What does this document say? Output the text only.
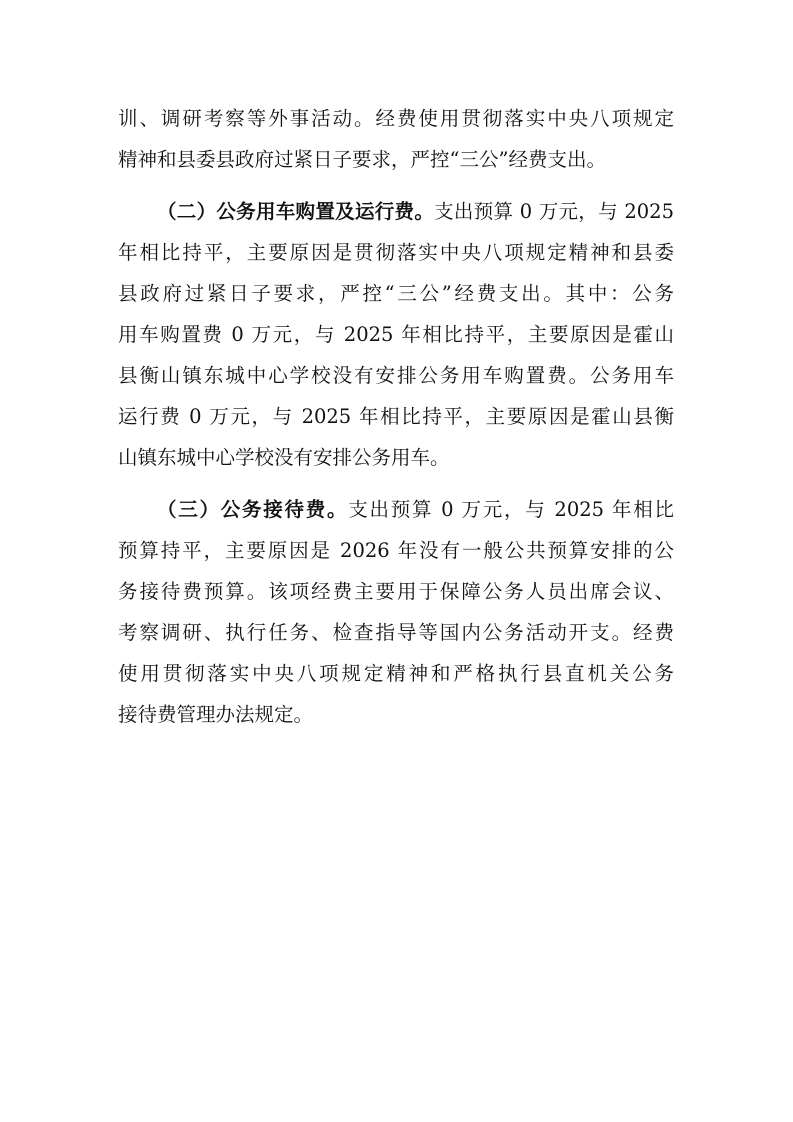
训、调研考察等外事活动。经费使用贯彻落实中央八项规定
精神和县委县政府过紧日子要求，严控“三公”经费支出。
（二）公务用车购置及运行费。支出预算 0 万元，与 2025
年相比持平，主要原因是贯彻落实中央八项规定精神和县委
县政府过紧日子要求，严控“三公”经费支出。其中：公务
用车购置费 0 万元，与 2025 年相比持平，主要原因是霍山
县衡山镇东城中心学校没有安排公务用车购置费。公务用车
运行费 0 万元，与 2025 年相比持平，主要原因是霍山县衡
山镇东城中心学校没有安排公务用车。
（三）公务接待费。支出预算 0 万元，与 2025 年相比
预算持平，主要原因是 2026 年没有一般公共预算安排的公
务接待费预算。该项经费主要用于保障公务人员出席会议、
考察调研、执行任务、检查指导等国内公务活动开支。经费
使用贯彻落实中央八项规定精神和严格执行县直机关公务
接待费管理办法规定。
